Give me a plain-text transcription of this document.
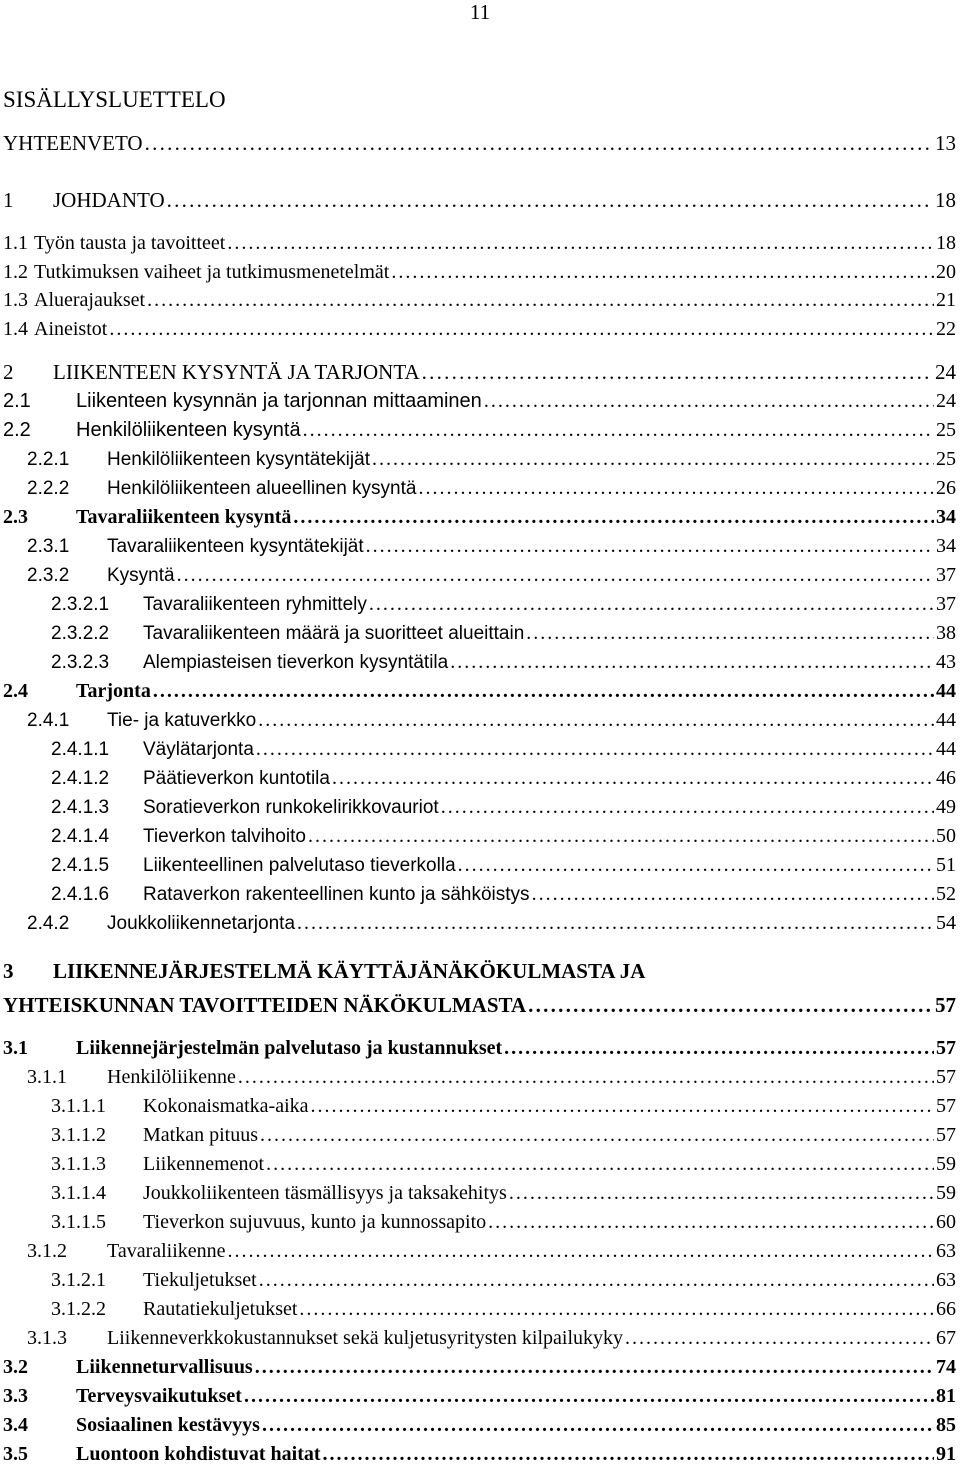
11
SISÄLLYSLUETTELO
YHTEENVETO . . .	13
1	JOHDANTO . . .	18
1.1 Työn tausta ja tavoitteet . . .	18
1.2 Tutkimuksen vaiheet ja tutkimusmenetelmät . . .	20
1.3 Aluerajaukset . . .	21
1.4 Aineistot . . .	22
2	LIIKENTEEN KYSYNTÄ JA TARJONTA . . .	24
2.1	Liikenteen kysynnän ja tarjonnan mittaaminen . . .	24
2.2	Henkilöliikenteen kysyntä . . .	25
2.2.1	Henkilöliikenteen kysyntätekijät . . .	25
2.2.2	Henkilöliikenteen alueellinen kysyntä . . .	26
2.3	Tavaraliikenteen kysyntä . . .	34
2.3.1	Tavaraliikenteen kysyntätekijät . . .	34
2.3.2	Kysyntä . . .	37
2.3.2.1	Tavaraliikenteen ryhmittely . . .	37
2.3.2.2	Tavaraliikenteen määrä ja suoritteet alueittain . . .	38
2.3.2.3	Alempiasteisen tieverkon kysyntätila . . .	43
2.4	Tarjonta . . .	44
2.4.1	Tie- ja katuverkko . . .	44
2.4.1.1	Väylätarjonta . . .	44
2.4.1.2	Päätieverkon kuntotila . . .	46
2.4.1.3	Soratieverkon runkokelirikkovauriot . . .	49
2.4.1.4	Tieverkon talvihoito . . .	50
2.4.1.5	Liikenteellinen palvelutaso tieverkolla . . .	51
2.4.1.6	Rataverkon rakenteellinen kunto ja sähköistys . . .	52
2.4.2	Joukkoliikennetarjonta . . .	54
3 LIIKENNEJÄRJESTELMÄ KÄYTTÄJÄNÄKÖKULMASTA JA
YHTEISKUNNAN TAVOITTEIDEN NÄKÖKULMASTA . . .	57
3.1	Liikennejärjestelmän palvelutaso ja kustannukset . . .	57
3.1.1	Henkilöliikenne . . .	57
3.1.1.1	Kokonaismatka-aika . . .	57
3.1.1.2	Matkan pituus . . .	57
3.1.1.3	Liikennemenot . . .	59
3.1.1.4	Joukkoliikenteen täsmällisyys ja taksakehitys . . .	59
3.1.1.5	Tieverkon sujuvuus, kunto ja kunnossapito . . .	60
3.1.2	Tavaraliikenne . . .	63
3.1.2.1	Tiekuljetukset . . .	63
3.1.2.2	Rautatiekuljetukset . . .	66
3.1.3	Liikenneverkkokustannukset sekä kuljetusyritysten kilpailukyky . . .	67
3.2	Liikenneturvallisuus . . .	74
3.3	Terveysvaikutukset . . .	81
3.4	Sosiaalinen kestävyys . . .	85
3.5	Luontoon kohdistuvat haitat . . .	91
